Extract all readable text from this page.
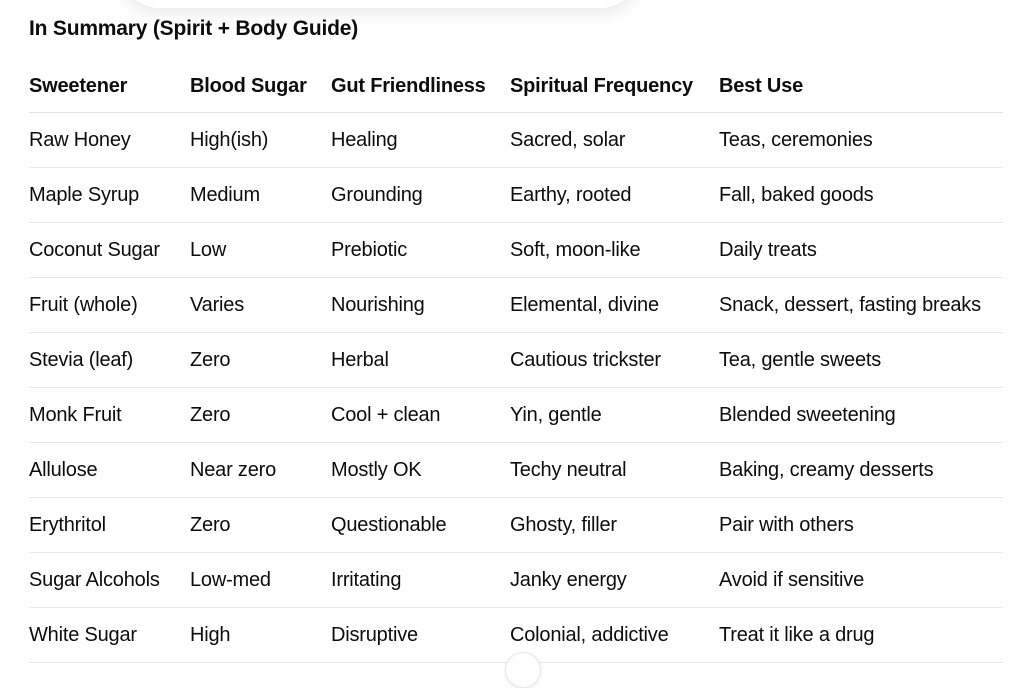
In Summary (Spirit + Body Guide)
Sweetener	Blood Sugar	Gut Friendliness	Spiritual Frequency	Best Use
Raw Honey	High(ish)	Healing	Sacred, solar	Teas, ceremonies
Maple Syrup	Medium	Grounding	Earthy, rooted	Fall, baked goods
Coconut Sugar	Low	Prebiotic	Soft, moon-like	Daily treats
Fruit (whole)	Varies	Nourishing	Elemental, divine	Snack, dessert, fasting breaks
Stevia (leaf)	Zero	Herbal	Cautious trickster	Tea, gentle sweets
Monk Fruit	Zero	Cool + clean	Yin, gentle	Blended sweetening
Allulose	Near zero	Mostly OK	Techy neutral	Baking, creamy desserts
Erythritol	Zero	Questionable	Ghosty, filler	Pair with others
Sugar Alcohols	Low-med	Irritating	Janky energy	Avoid if sensitive
White Sugar	High	Disruptive	Colonial, addictive	Treat it like a drug
